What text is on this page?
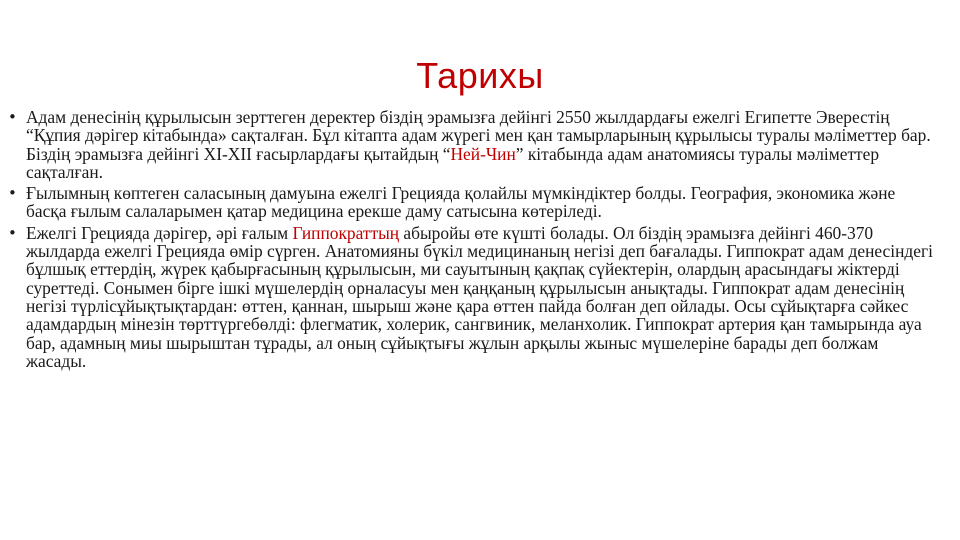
Тарихы
• Адам денесінің құрылысын зерттеген деректер біздің эрамызға дейінгі 2550 жылдардағы ежелгі Египетте Эверестің “Құпия дәрігер кітабында» сақталған. Бұл кітапта адам жүрегі мен қан тамырларының құрылысы туралы мәліметтер бар. Біздің эрамызға дейінгі XI-XII ғасырлардағы қытайдың “Ней-Чин” кітабында адам анатомиясы туралы мәліметтер сақталған.
• Ғылымның көптеген саласының дамуына ежелгі Грецияда қолайлы мүмкіндіктер болды. География, экономика және басқа ғылым салаларымен қатар медицина ерекше даму сатысына көтеріледі.
• Ежелгі Грецияда дәрігер, әрі ғалым Гиппократтың абыройы өте күшті болады. Ол біздің эрамызға дейінгі 460-370 жылдарда ежелгі Грецияда өмір сүрген. Анатомияны бүкіл медицинаның негізі деп бағалады. Гиппократ адам денесіндегі бұлшық еттердің, жүрек қабырғасының құрылысын, ми сауытының қақпақ сүйектерін, олардың арасындағы жіктерді суреттеді. Сонымен бірге ішкі мүшелердің орналасуы мен қаңқаның құрылысын анықтады. Гиппократ адам денесінің негізі түрлісұйықтықтардан: өттен, қаннан, шырыш және қара өттен пайда болған деп ойлады. Осы сұйықтарға сәйкес адамдардың мінезін төрттүргебөлді: флегматик, холерик, сангвиник, меланхолик. Гиппократ артерия қан тамырында ауа бар, адамның миы шырыштан тұрады, ал оның сұйықтығы жұлын арқылы жыныс мүшелеріне барады деп болжам жасады.
